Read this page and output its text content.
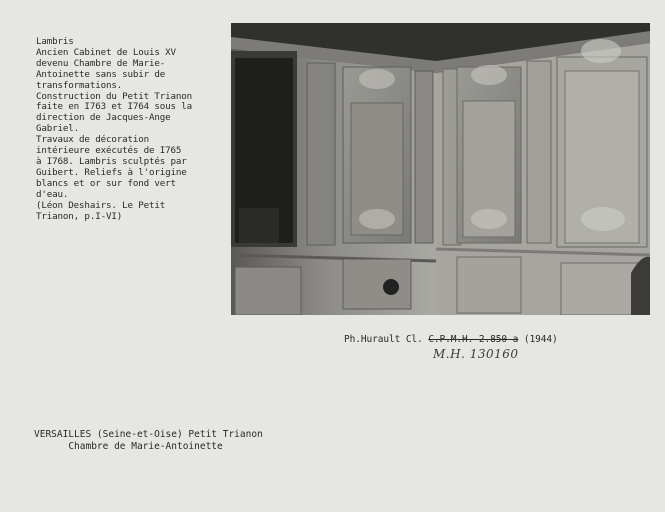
Lambris
Ancien Cabinet de Louis XV
devenu Chambre de Marie-
Antoinette sans subir de
transformations.
Construction du Petit Trianon
faite en I763 et I764 sous la
direction de Jacques-Ange
Gabriel.
Travaux de décoration
intérieure exécutés de I765
à I768. Lambris sculptés par
Guibert. Reliefs à l'origine
blancs et or sur fond vert
d'eau.
(Léon Deshairs. Le Petit
Trianon, p.I-VI)
Ph.Hurault Cl. C.P.M.H. 2.850 a (1944)
M.H. 130160
VERSAILLES (Seine-et-Oise) Petit Trianon
Chambre de Marie-Antoinette
